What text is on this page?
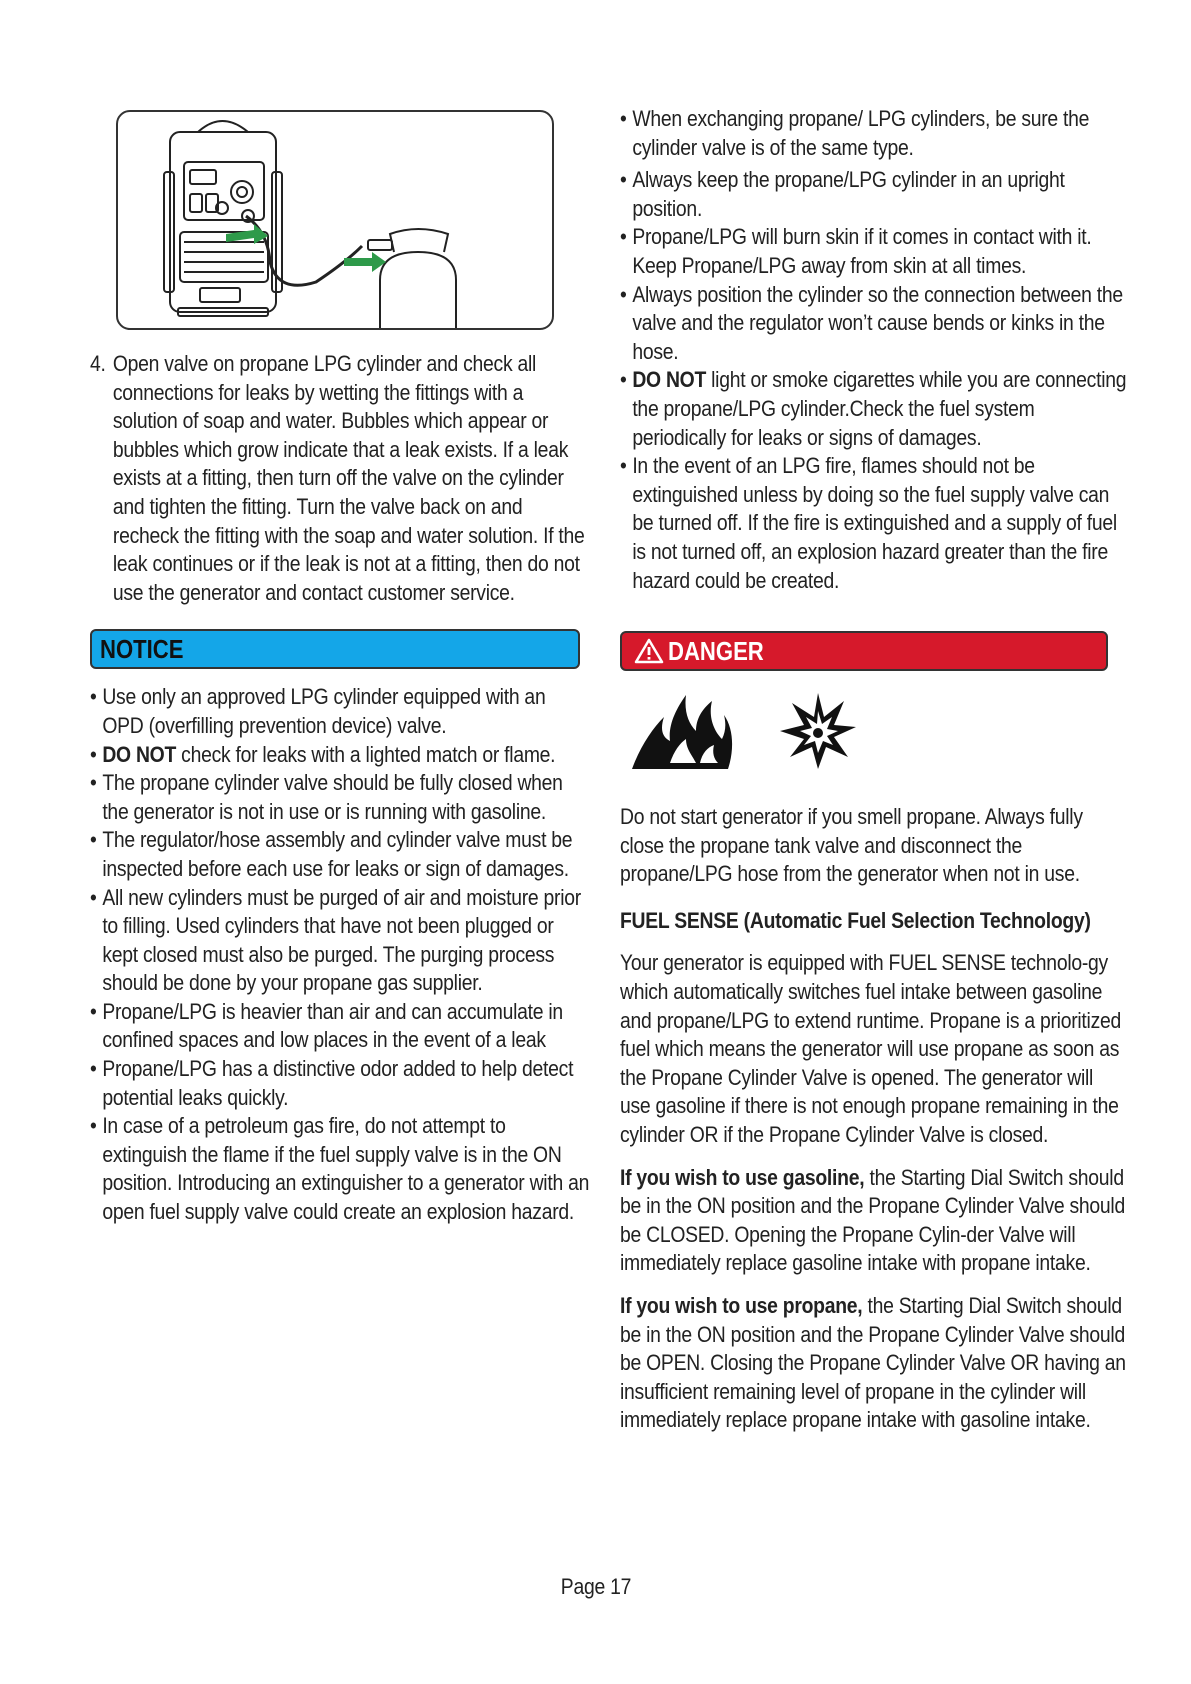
4. Open valve on propane LPG cylinder and check all connections for leaks by wetting the fittings with a solution of soap and water. Bubbles which appear or bubbles which grow indicate that a leak exists. If a leak exists at a fitting, then turn off the valve on the cylinder and tighten the fitting. Turn the valve back on and recheck the fitting with the soap and water solution. If the leak continues or if the leak is not at a fitting, then do not use the generator and contact customer service.
NOTICE
• Use only an approved LPG cylinder equipped with an OPD (overfilling prevention device) valve.
• DO NOT check for leaks with a lighted match or flame.
• The propane cylinder valve should be fully closed when the generator is not in use or is running with gasoline.
• The regulator/hose assembly and cylinder valve must be inspected before each use for leaks or sign of damages.
• All new cylinders must be purged of air and moisture prior to filling. Used cylinders that have not been plugged or kept closed must also be purged. The purging process should be done by your propane gas supplier.
• Propane/LPG is heavier than air and can accumulate in confined spaces and low places in the event of a leak
• Propane/LPG has a distinctive odor added to help detect potential leaks quickly.
• In case of a petroleum gas fire, do not attempt to extinguish the flame if the fuel supply valve is in the ON position. Introducing an extinguisher to a generator with an open fuel supply valve could create an explosion hazard.
• When exchanging propane/ LPG cylinders, be sure the cylinder valve is of the same type.
• Always keep the propane/LPG cylinder in an upright position.
• Propane/LPG will burn skin if it comes in contact with it. Keep Propane/LPG away from skin at all times.
• Always position the cylinder so the connection between the valve and the regulator won’t cause bends or kinks in the hose.
• DO NOT light or smoke cigarettes while you are connecting the propane/LPG cylinder.Check the fuel system periodically for leaks or signs of damages.
• In the event of an LPG fire, flames should not be extinguished unless by doing so the fuel supply valve can be turned off. If the fire is extinguished and a supply of fuel is not turned off, an explosion hazard greater than the fire hazard could be created.
DANGER
Do not start generator if you smell propane. Always fully close the propane tank valve and disconnect the propane/LPG hose from the generator when not in use.
FUEL SENSE (Automatic Fuel Selection Technology)
Your generator is equipped with FUEL SENSE technolo-gy which automatically switches fuel intake between gasoline and propane/LPG to extend runtime. Propane is a prioritized fuel which means the generator will use propane as soon as the Propane Cylinder Valve is opened. The generator will use gasoline if there is not enough propane remaining in the cylinder OR if the Propane Cylinder Valve is closed.
If you wish to use gasoline, the Starting Dial Switch should be in the ON position and the Propane Cylinder Valve should be CLOSED. Opening the Propane Cylin-der Valve will immediately replace gasoline intake with propane intake.
If you wish to use propane, the Starting Dial Switch should be in the ON position and the Propane Cylinder Valve should be OPEN. Closing the Propane Cylinder Valve OR having an insufficient remaining level of propane in the cylinder will immediately replace propane intake with gasoline intake.
Page 17
